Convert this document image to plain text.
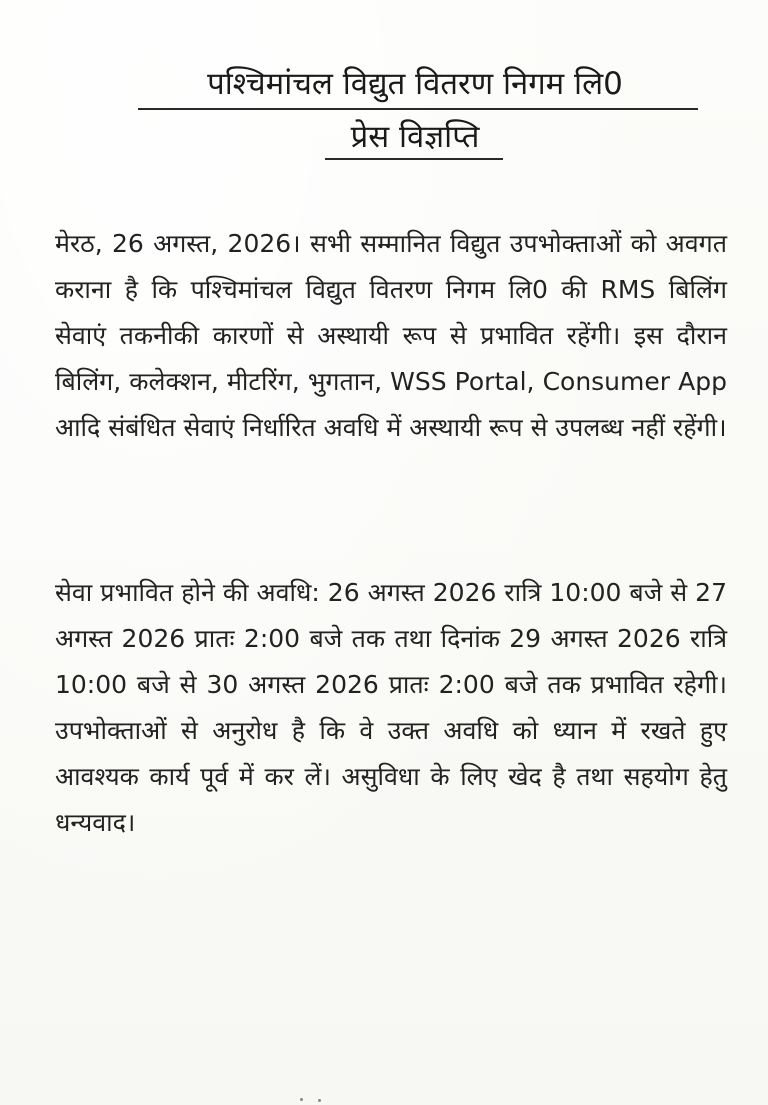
पश्चिमांचल विद्युत वितरण निगम लि0
प्रेस विज्ञप्ति

मेरठ, 26 अगस्त, 2026। सभी सम्मानित विद्युत उपभोक्ताओं को अवगत कराना है कि पश्चिमांचल विद्युत वितरण निगम लि0 की RMS बिलिंग सेवाएं तकनीकी कारणों से अस्थायी रूप से प्रभावित रहेंगी। इस दौरान बिलिंग, कलेक्शन, मीटरिंग, भुगतान, WSS Portal, Consumer App आदि संबंधित सेवाएं निर्धारित अवधि में अस्थायी रूप से उपलब्ध नहीं रहेंगी।

सेवा प्रभावित होने की अवधि: 26 अगस्त 2026 रात्रि 10:00 बजे से 27 अगस्त 2026 प्रातः 2:00 बजे तक तथा दिनांक 29 अगस्त 2026 रात्रि 10:00 बजे से 30 अगस्त 2026 प्रातः 2:00 बजे तक प्रभावित रहेगी। उपभोक्ताओं से अनुरोध है कि वे उक्त अवधि को ध्यान में रखते हुए आवश्यक कार्य पूर्व में कर लें। असुविधा के लिए खेद है तथा सहयोग हेतु धन्यवाद।
